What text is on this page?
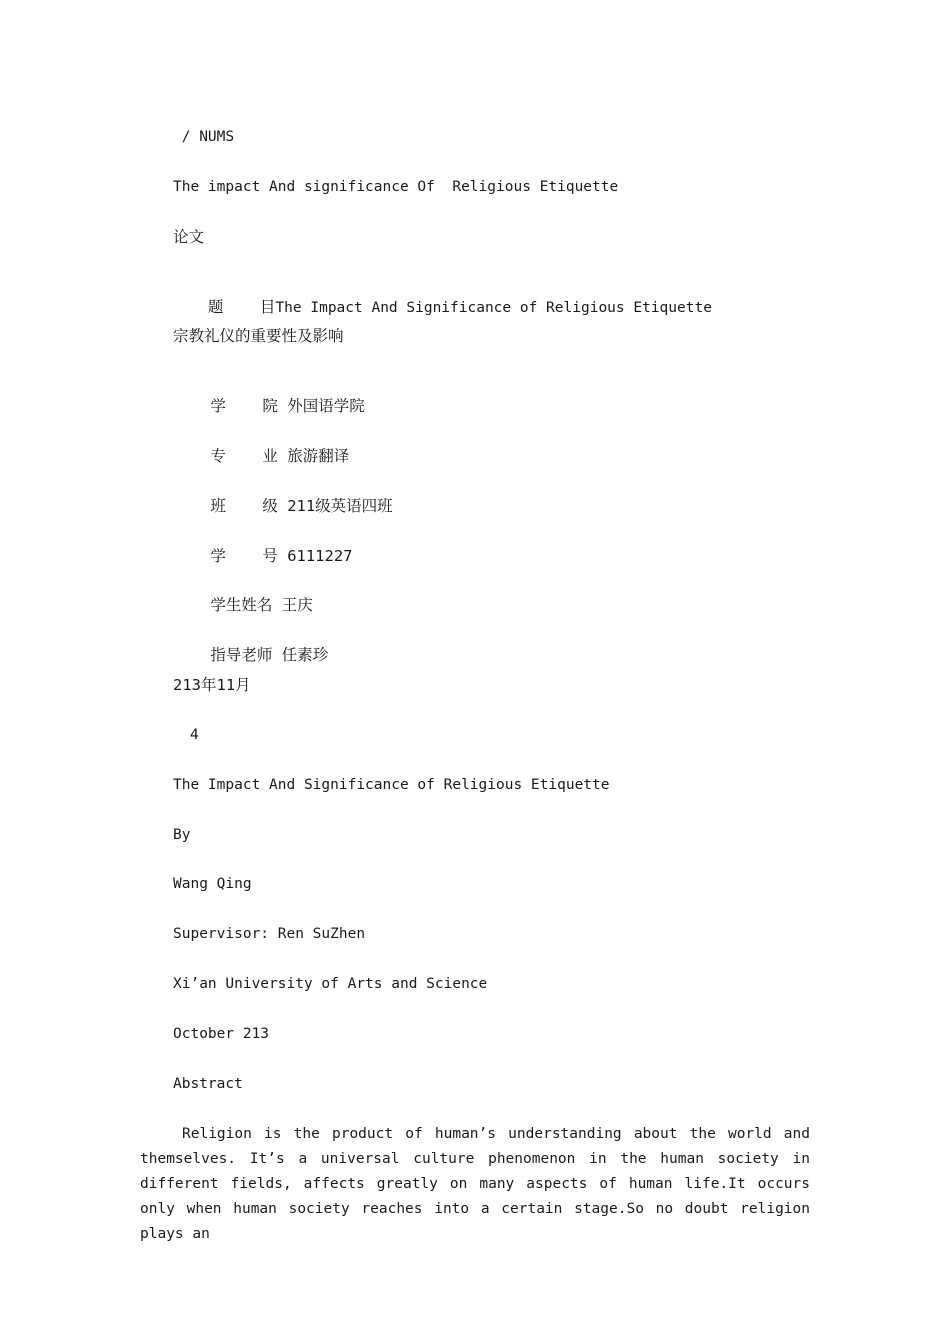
/ NUMS
The impact And significance Of  Religious Etiquette
论文

题 目The Impact And Significance of Religious Etiquette

宗教礼仪的重要性及影响

学 院 外国语学院

专 业 旅游翻译

班 级 211级英语四班

学 号 6111227

学生姓名 王庆

指导老师 任素珍

213年11月
4
The Impact And Significance of Religious Etiquette
By
Wang Qing
Supervisor: Ren SuZhen
Xi’an University of Arts and Science
October 213
Abstract
Religion is the product of human’s understanding about the world and themselves. It’s a universal culture phenomenon in the human society in different fields, affects greatly on many aspects of human life.It occurs only when human society reaches into a certain stage.So no doubt religion plays an
